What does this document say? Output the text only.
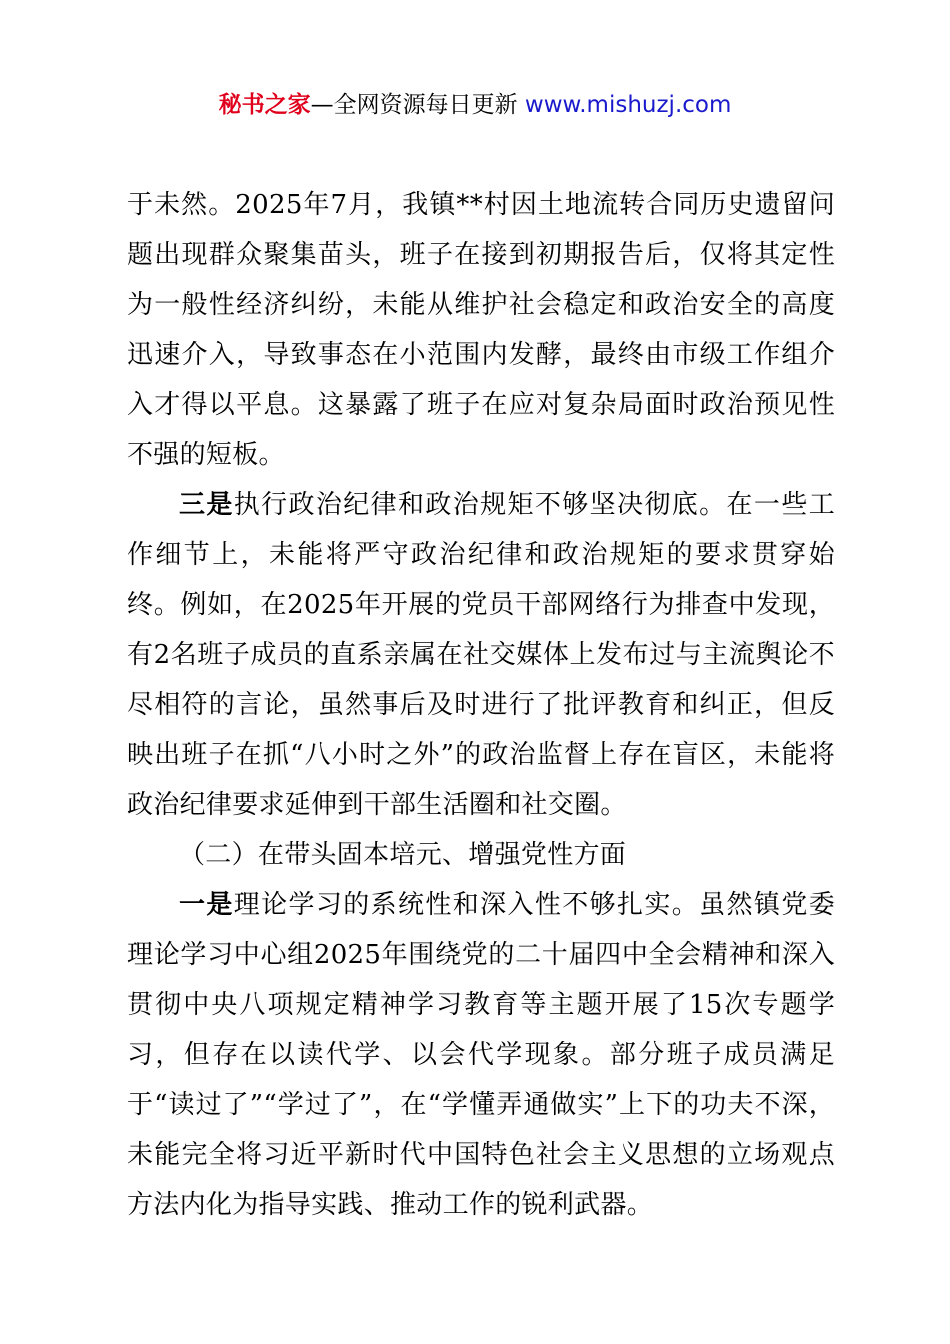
秘书之家—全网资源每日更新 www.mishuzj.com

于未然。2025年7月，我镇**村因土地流转合同历史遗留问题出现群众聚集苗头，班子在接到初期报告后，仅将其定性为一般性经济纠纷，未能从维护社会稳定和政治安全的高度迅速介入，导致事态在小范围内发酵，最终由市级工作组介入才得以平息。这暴露了班子在应对复杂局面时政治预见性不强的短板。

三是执行政治纪律和政治规矩不够坚决彻底。在一些工作细节上，未能将严守政治纪律和政治规矩的要求贯穿始终。例如，在2025年开展的党员干部网络行为排查中发现，有2名班子成员的直系亲属在社交媒体上发布过与主流舆论不尽相符的言论，虽然事后及时进行了批评教育和纠正，但反映出班子在抓“八小时之外”的政治监督上存在盲区，未能将政治纪律要求延伸到干部生活圈和社交圈。

（二）在带头固本培元、增强党性方面

一是理论学习的系统性和深入性不够扎实。虽然镇党委理论学习中心组2025年围绕党的二十届四中全会精神和深入贯彻中央八项规定精神学习教育等主题开展了15次专题学习，但存在以读代学、以会代学现象。部分班子成员满足于“读过了”“学过了”，在“学懂弄通做实”上下的功夫不深，未能完全将习近平新时代中国特色社会主义思想的立场观点方法内化为指导实践、推动工作的锐利武器。
